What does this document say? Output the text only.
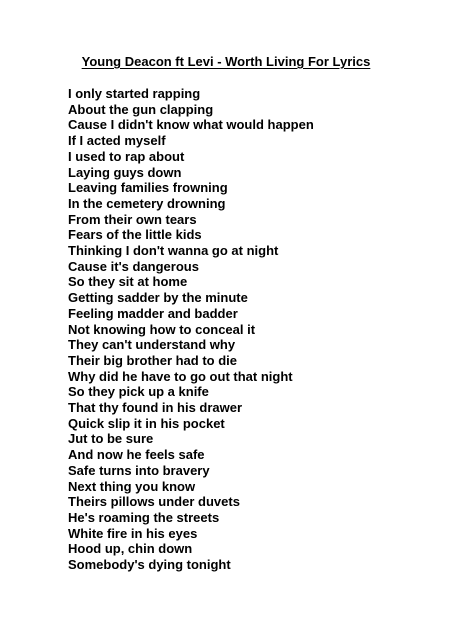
Young Deacon ft Levi - Worth Living For Lyrics
I only started rapping
About the gun clapping
Cause I didn't know what would happen
If I acted myself
I used to rap about
Laying guys down
Leaving families frowning
In the cemetery drowning
From their own tears
Fears of the little kids
Thinking I don't wanna go at night
Cause it's dangerous
So they sit at home
Getting sadder by the minute
Feeling madder and badder
Not knowing how to conceal it
They can't understand why
Their big brother had to die
Why did he have to go out that night
So they pick up a knife
That thy found in his drawer
Quick slip it in his pocket
Jut to be sure
And now he feels safe
Safe turns into bravery
Next thing you know
Theirs pillows under duvets
He's roaming the streets
White fire in his eyes
Hood up, chin down
Somebody's dying tonight
